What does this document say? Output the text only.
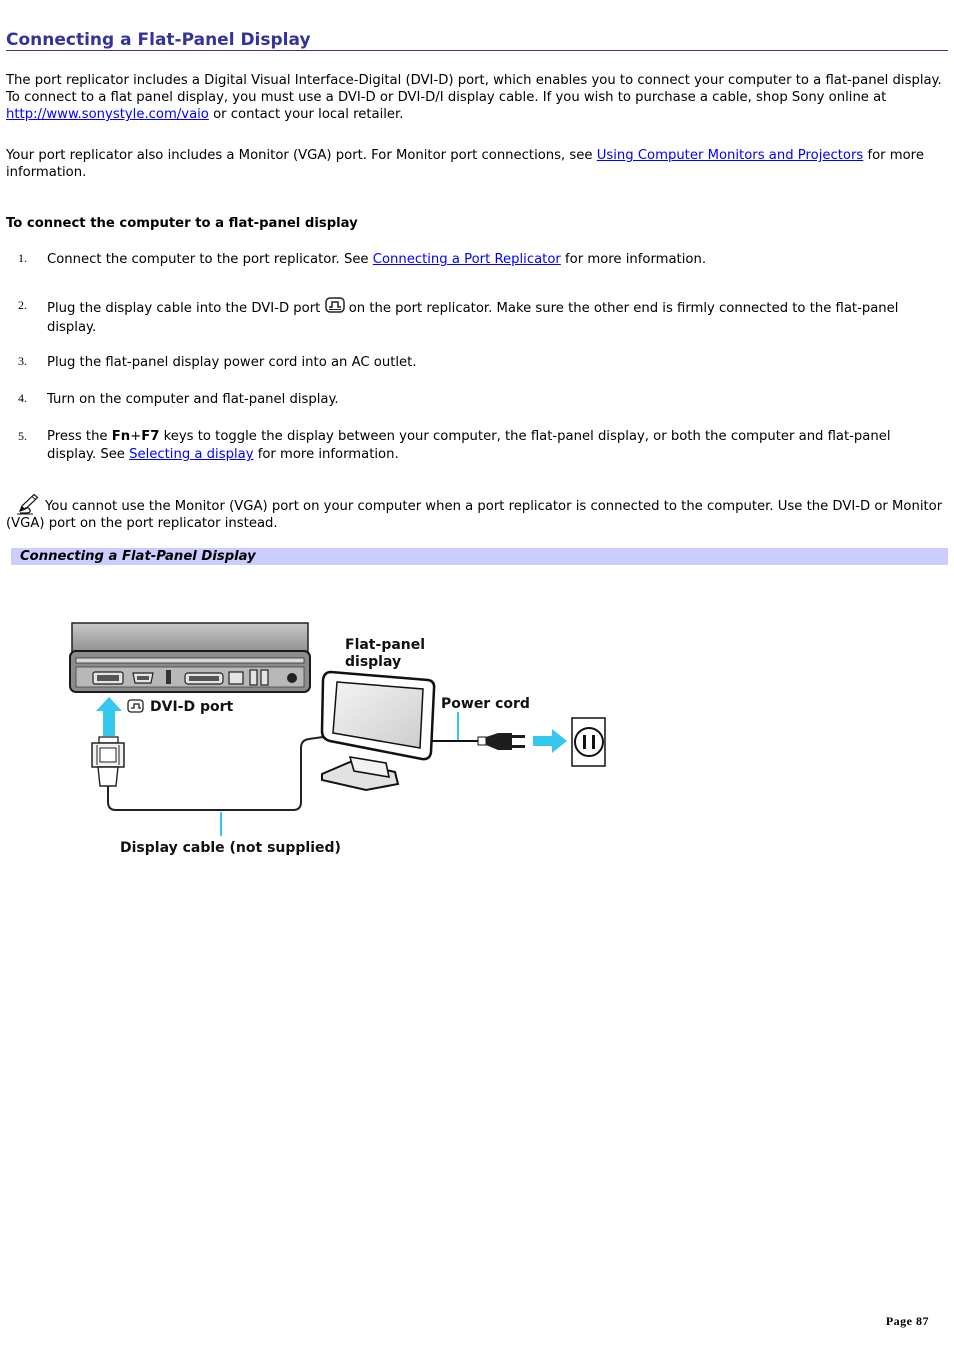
Connecting a Flat-Panel Display

The port replicator includes a Digital Visual Interface-Digital (DVI-D) port, which enables you to connect your computer to a flat-panel display. To connect to a flat panel display, you must use a DVI-D or DVI-D/I display cable. If you wish to purchase a cable, shop Sony online at http://www.sonystyle.com/vaio or contact your local retailer.

Your port replicator also includes a Monitor (VGA) port. For Monitor port connections, see Using Computer Monitors and Projectors for more information.

To connect the computer to a flat-panel display
1. Connect the computer to the port replicator. See Connecting a Port Replicator for more information.
2. Plug the display cable into the DVI-D port  on the port replicator. Make sure the other end is firmly connected to the flat-panel display.
3. Plug the flat-panel display power cord into an AC outlet.
4. Turn on the computer and flat-panel display.
5. Press the Fn+F7 keys to toggle the display between your computer, the flat-panel display, or both the computer and flat-panel display. See Selecting a display for more information.

You cannot use the Monitor (VGA) port on your computer when a port replicator is connected to the computer. Use the DVI-D or Monitor (VGA) port on the port replicator instead.

Connecting a Flat-Panel Display
DVI-D port
Display cable (not supplied)
Flat-panel
display
Power cord
Page 87
